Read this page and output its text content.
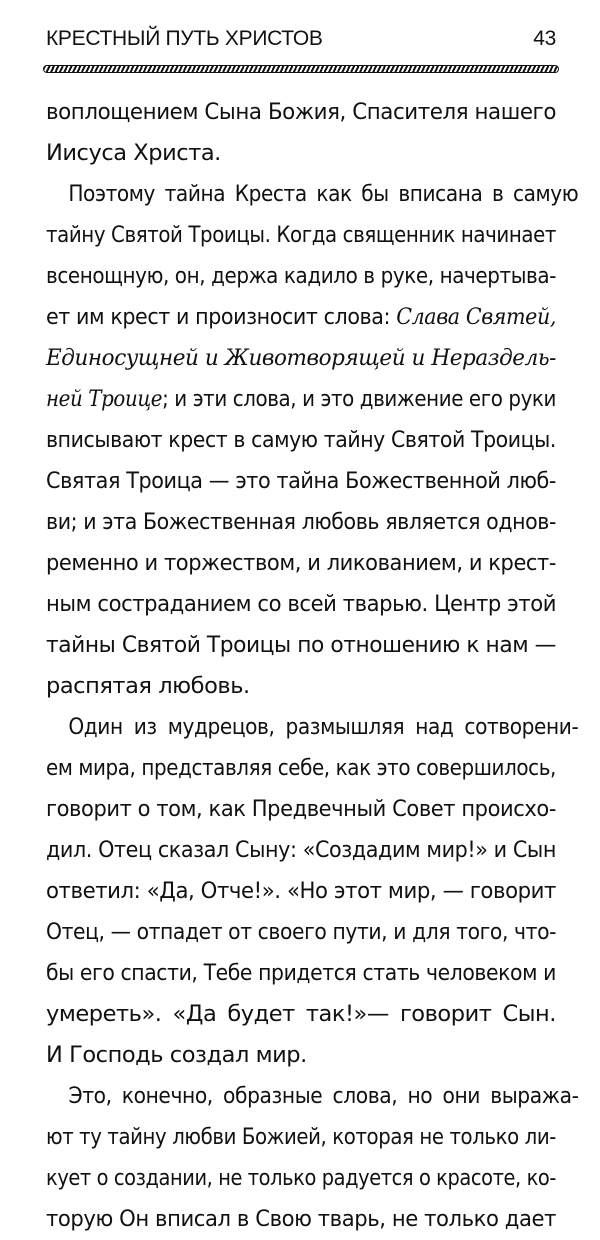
КРЕСТНЫЙ ПУТЬ ХРИСТОВ	43
воплощением Сына Божия, Спасителя нашего
Иисуса Христа.
Поэтому тайна Креста как бы вписана в самую
тайну Святой Троицы. Когда священник начинает
всенощную, он, держа кадило в руке, начертыва-
ет им крест и произносит слова: Слава Святей,
Единосущней и Животворящей и Нераздель-
ней Троице; и эти слова, и это движение его руки
вписывают крест в самую тайну Святой Троицы.
Святая Троица — это тайна Божественной люб-
ви; и эта Божественная любовь является однов-
ременно и торжеством, и ликованием, и крест-
ным состраданием со всей тварью. Центр этой
тайны Святой Троицы по отношению к нам —
распятая любовь.
Один из мудрецов, размышляя над сотворени-
ем мира, представляя себе, как это совершилось,
говорит о том, как Предвечный Совет происхо-
дил. Отец сказал Сыну: «Создадим мир!» и Сын
ответил: «Да, Отче!». «Но этот мир, — говорит
Отец, — отпадет от своего пути, и для того, что-
бы его спасти, Тебе придется стать человеком и
умереть». «Да будет так!»— говорит Сын.
И Господь создал мир.
Это, конечно, образные слова, но они выража-
ют ту тайну любви Божией, которая не только ли-
кует о создании, не только радуется о красоте, ко-
торую Он вписал в Свою тварь, не только дает
